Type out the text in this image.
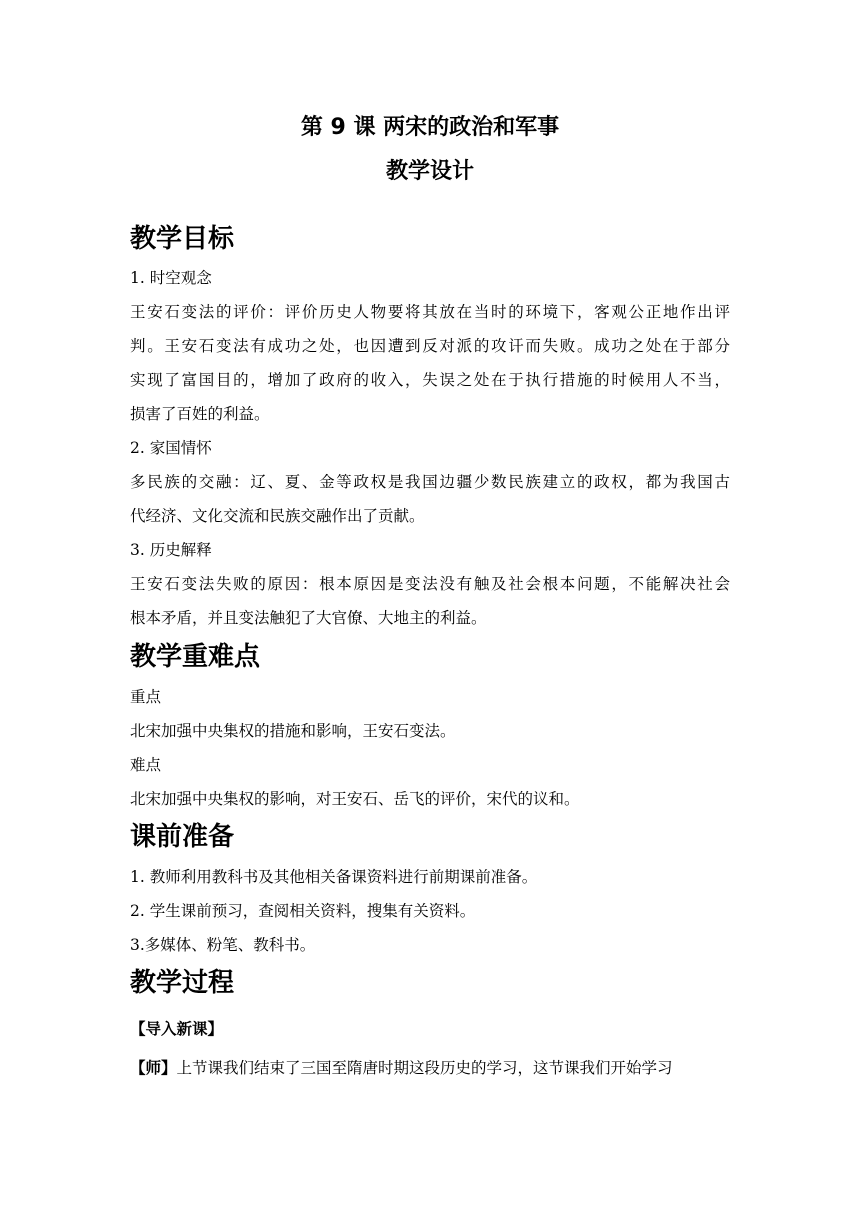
第 9 课 两宋的政治和军事
教学设计
教学目标

1. 时空观念

王安石变法的评价：评价历史人物要将其放在当时的环境下，客观公正地作出评

判。王安石变法有成功之处，也因遭到反对派的攻讦而失败。成功之处在于部分

实现了富国目的，增加了政府的收入，失误之处在于执行措施的时候用人不当，

损害了百姓的利益。

2. 家国情怀

多民族的交融：辽、夏、金等政权是我国边疆少数民族建立的政权，都为我国古

代经济、文化交流和民族交融作出了贡献。

3. 历史解释

王安石变法失败的原因：根本原因是变法没有触及社会根本问题，不能解决社会

根本矛盾，并且变法触犯了大官僚、大地主的利益。

教学重难点

重点

北宋加强中央集权的措施和影响，王安石变法。

难点

北宋加强中央集权的影响，对王安石、岳飞的评价，宋代的议和。

课前准备

1. 教师利用教科书及其他相关备课资料进行前期课前准备。

2. 学生课前预习，查阅相关资料，搜集有关资料。

3.多媒体、粉笔、教科书。

教学过程

【导入新课】

【师】上节课我们结束了三国至隋唐时期这段历史的学习，这节课我们开始学习
